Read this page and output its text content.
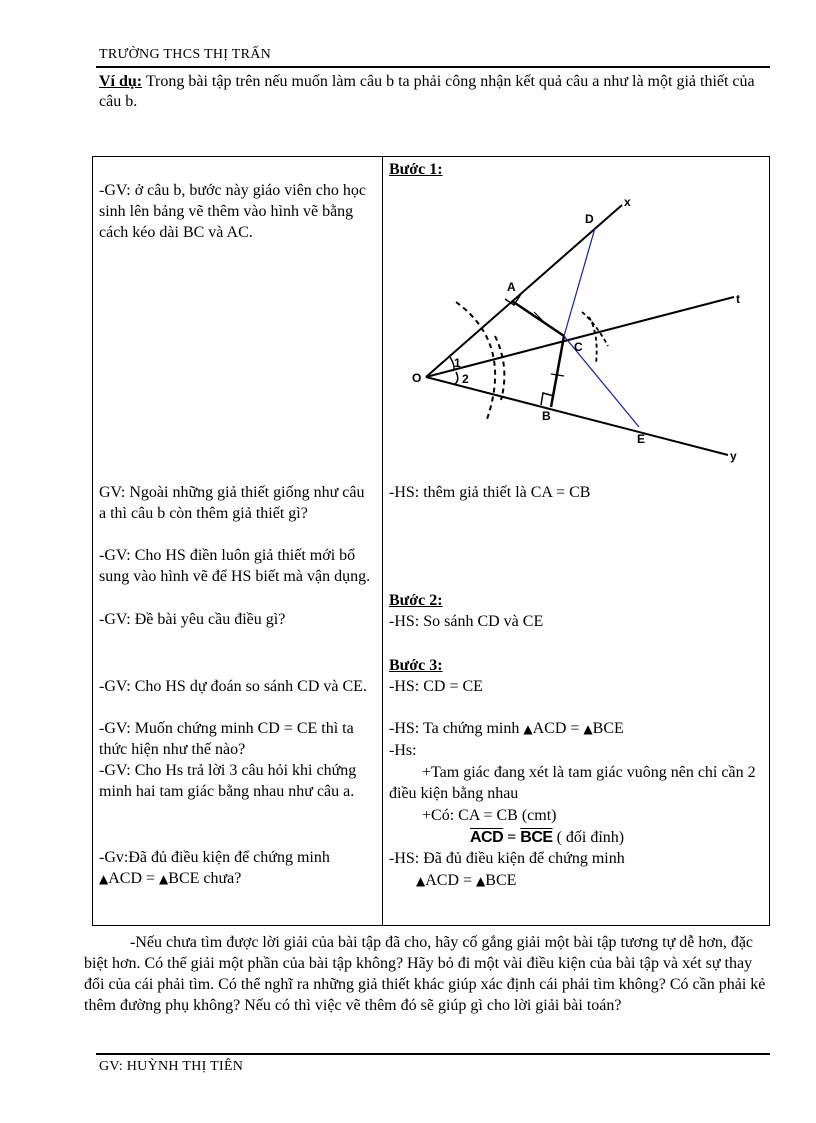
TRƯỜNG THCS THỊ TRẤN
Ví dụ: Trong bài tập trên nếu muốn làm câu b ta phải công nhận kết quả câu a như là một giả thiết của câu b.
-GV: ở câu b, bước này giáo viên cho học sinh lên bảng vẽ thêm vào hình vẽ bằng cách kéo dài BC và AC.
GV: Ngoài những giả thiết giống như câu a thì câu b còn thêm giả thiết gì?
-GV: Cho HS điền luôn giả thiết mới bổ sung vào hình vẽ để HS biết mà vận dụng.
-GV: Đề bài yêu cầu điều gì?
-GV: Cho HS dự đoán so sánh CD và CE.
-GV: Muốn chứng minh CD = CE thì ta thức hiện như thế nào?
-GV: Cho Hs trả lời 3 câu hỏi khi chứng minh hai tam giác bằng nhau như câu a.
-Gv:Đã đủ điều kiện để chứng minh ▲ACD = ▲BCE chưa?
Bước 1:
O
A
B
C
D
E
x
y
t
1
2
-HS: thêm giả thiết là CA = CB
Bước 2:
-HS: So sánh CD và CE
Bước 3:
-HS: CD = CE
-HS: Ta chứng minh ▲ACD = ▲BCE
-Hs:
+Tam giác đang xét là tam giác vuông nên chỉ cần 2 điều kiện bằng nhau
+Có: CA = CB (cmt)
$\overline{ACD} = \overline{BCE}$ ( đối đỉnh)
-HS: Đã đủ điều kiện để chứng minh
▲ACD = ▲BCE
-Nếu chưa tìm được lời giải của bài tập đã cho, hãy cố gắng giải một bài tập tương tự dễ hơn, đặc biệt hơn. Có thể giải một phần của bài tập không? Hãy bỏ đi một vài điều kiện của bài tập và xét sự thay đổi của cái phải tìm. Có thể nghĩ ra những giả thiết khác giúp xác định cái phải tìm không? Có cần phải kẻ thêm đường phụ không? Nếu có thì việc vẽ thêm đó sẽ giúp gì cho lời giải bài toán?
GV: HUỲNH THỊ TIÊN
